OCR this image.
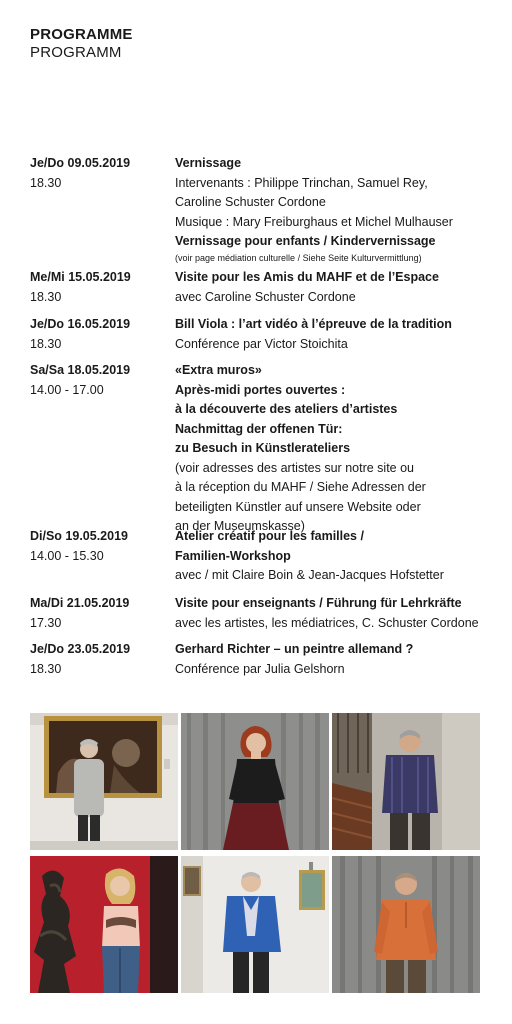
PROGRAMME
PROGRAMM
Je/Do 09.05.2019
18.30
Vernissage
Intervenants : Philippe Trinchan, Samuel Rey,
Caroline Schuster Cordone
Musique : Mary Freiburghaus et Michel Mulhauser
Vernissage pour enfants / Kindervernissage
(voir page médiation culturelle / Siehe Seite Kulturvermittlung)
Me/Mi 15.05.2019
18.30
Visite pour les Amis du MAHF et de l’Espace
avec Caroline Schuster Cordone
Je/Do 16.05.2019
18.30
Bill Viola : l’art vidéo à l’épreuve de la tradition
Conférence par Victor Stoichita
Sa/Sa 18.05.2019
14.00 - 17.00
«Extra muros»
Après-midi portes ouvertes :
à la découverte des ateliers d’artistes
Nachmittag der offenen Tür:
zu Besuch in Künstlerateliers
(voir adresses des artistes sur notre site ou
à la réception du MAHF / Siehe Adressen der
beteiligten Künstler auf unsere Website oder
an der Museumskasse)
Di/So 19.05.2019
14.00 - 15.30
Atelier créatif pour les familles /
Familien-Workshop
avec / mit Claire Boin & Jean-Jacques Hofstetter
Ma/Di 21.05.2019
17.30
Visite pour enseignants / Führung für Lehrkräfte
avec les artistes, les médiatrices, C. Schuster Cordone
Je/Do 23.05.2019
18.30
Gerhard Richter – un peintre allemand ?
Conférence par Julia Gelshorn
